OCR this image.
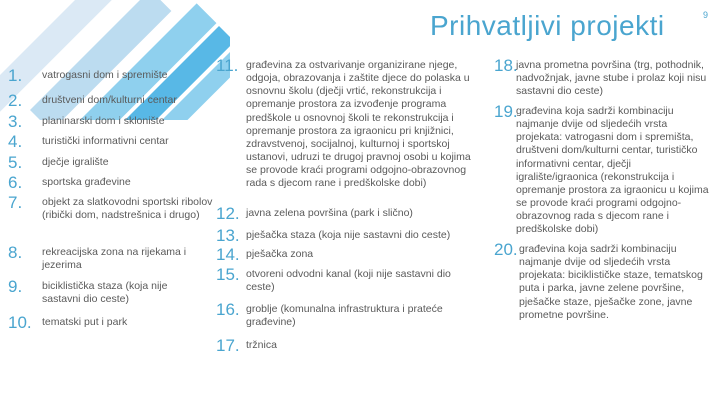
Prihvatljivi projekti	9
1.	vatrogasni dom i spremište
2.	društveni dom/kulturni centar
3.	planinarski dom i sklonište
4.	turistički informativni centar
5.	dječje igralište
6.	sportska građevine
7.	objekt za slatkovodni sportski ribolov (ribički dom, nadstrešnica i drugo)
8.	rekreacijska zona na rijekama i jezerima
9.	biciklistička staza (koja nije sastavni dio ceste)
10. tematski put i park
11. građevina za ostvarivanje organizirane njege, odgoja, obrazovanja i zaštite djece do polaska u osnovnu školu (dječji vrtić, rekonstrukcija i opremanje prostora za izvođenje programa predškole u osnovnoj školi te rekonstrukcija i opremanje prostora za igraonicu pri knjižnici, zdravstvenoj, socijalnoj, kulturnoj i sportskoj ustanovi, udruzi te drugoj pravnoj osobi u kojima se provode kraći programi odgojno-obrazovnog rada s djecom rane i predškolske dobi)
12. javna zelena površina (park i slično)
13. pješačka staza (koja nije sastavni dio ceste)
14. pješačka zona
15. otvoreni odvodni kanal (koji nije sastavni dio ceste)
16. groblje (komunalna infrastruktura i prateće građevine)
17. tržnica
18.
javna prometna površina (trg, pothodnik, nadvožnjak, javne stube i prolaz koji nisu sastavni dio ceste)
19.
građevina koja sadrži kombinaciju najmanje dvije od sljedećih vrsta projekata: vatrogasni dom i spremišta, društveni dom/kulturni centar, turističko informativni centar, dječji igralište/igraonica (rekonstrukcija i opremanje prostora za igraonicu u kojima se provode kraći programi odgojno-obrazovnog rada s djecom rane i predškolske dobi)
20. građevina koja sadrži kombinaciju najmanje dvije od sljedećih vrsta projekata: biciklističke staze, tematskog puta i parka, javne zelene površine, pješačke staze, pješačke zone, javne prometne površine.
